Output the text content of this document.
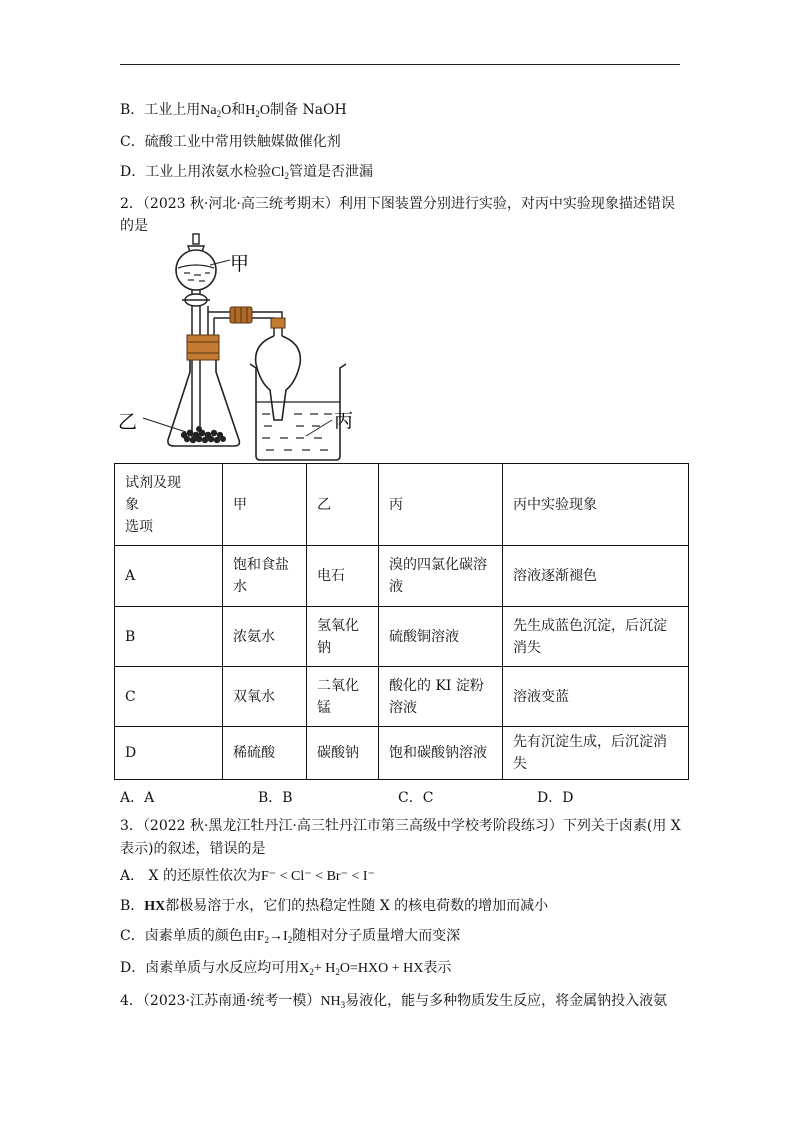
B．工业上用$Na_2O$和$H_2O$制备 NaOH
C．硫酸工业中常用铁触媒做催化剂
D．工业上用浓氨水检验$Cl_2$管道是否泄漏
2．（2023 秋·河北·高三统考期末）利用下图装置分别进行实验，对丙中实验现象描述错误的是
甲
乙	丙
试剂及现
象
选项	甲	乙	丙	丙中实验现象
A	饱和食盐水	电石	溴的四氯化碳溶液	溶液逐渐褪色
B	浓氨水	氢氧化钠	硫酸铜溶液	先生成蓝色沉淀，后沉淀消失
C	双氧水	二氧化锰	酸化的 KI 淀粉溶液	溶液变蓝
D	稀硫酸	碳酸钠	饱和碳酸钠溶液	先有沉淀生成，后沉淀消失
A．A	B．B	C．C	D．D
3．（2022 秋·黑龙江牡丹江·高三牡丹江市第三高级中学校考阶段练习）下列关于卤素(用 X 表示)的叙述，错误的是
A． X 的还原性依次为F⁻ < Cl⁻ < Br⁻ < I⁻
B．HX都极易溶于水，它们的热稳定性随 X 的核电荷数的增加而减小
C．卤素单质的颜色由$F_2\to I_2$随相对分子质量增大而变深
D．卤素单质与水反应均可用$X_2+ H_2O=HXO$ + HX表示
4．（2023·江苏南通·统考一模）$NH_3$易液化，能与多种物质发生反应，将金属钠投入液氨
